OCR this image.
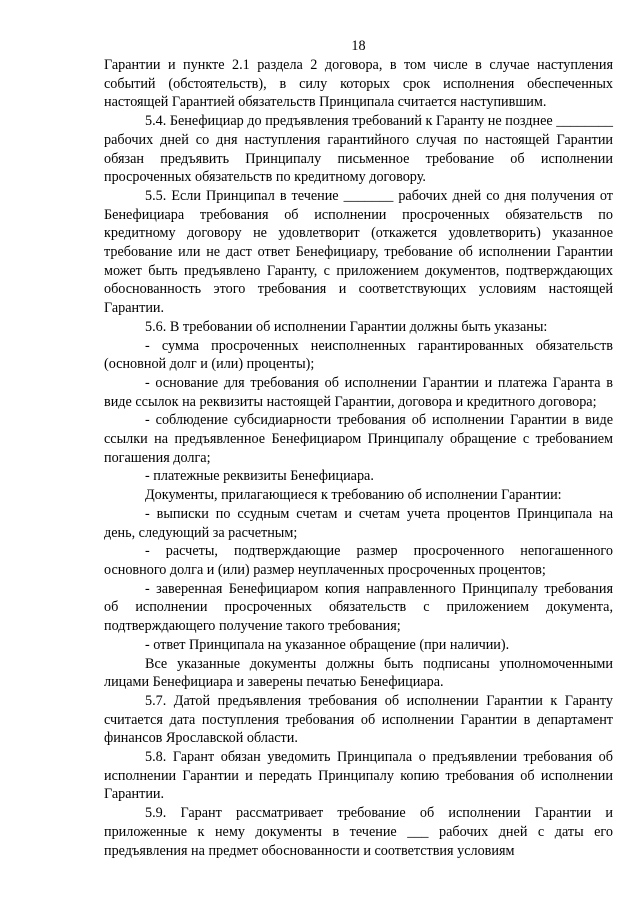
18

Гарантии и пункте 2.1 раздела 2 договора, в том числе в случае наступления событий (обстоятельств), в силу которых срок исполнения обеспеченных настоящей Гарантией обязательств Принципала считается наступившим.

5.4. Бенефициар до предъявления требований к Гаранту не позднее ________ рабочих дней со дня наступления гарантийного случая по настоящей Гарантии обязан предъявить Принципалу письменное требование об исполнении просроченных обязательств по кредитному договору.

5.5. Если Принципал в течение _______ рабочих дней со дня получения от Бенефициара требования об исполнении просроченных обязательств по кредитному договору не удовлетворит (откажется удовлетворить) указанное требование или не даст ответ Бенефициару, требование об исполнении Гарантии может быть предъявлено Гаранту, с приложением документов, подтверждающих обоснованность этого требования и соответствующих условиям настоящей Гарантии.

5.6. В требовании об исполнении Гарантии должны быть указаны:

- сумма просроченных неисполненных гарантированных обязательств (основной долг и (или) проценты);

- основание для требования об исполнении Гарантии и платежа Гаранта в виде ссылок на реквизиты настоящей Гарантии, договора и кредитного договора;

- соблюдение субсидиарности требования об исполнении Гарантии в виде ссылки на предъявленное Бенефициаром Принципалу обращение с требованием погашения долга;

- платежные реквизиты Бенефициара.

Документы, прилагающиеся к требованию об исполнении Гарантии:

- выписки по ссудным счетам и счетам учета процентов Принципала на день, следующий за расчетным;

- расчеты, подтверждающие размер просроченного непогашенного основного долга и (или) размер неуплаченных просроченных процентов;

- заверенная Бенефициаром копия направленного Принципалу требования об исполнении просроченных обязательств с приложением документа, подтверждающего получение такого требования;

- ответ Принципала на указанное обращение (при наличии).

Все указанные документы должны быть подписаны уполномоченными лицами Бенефициара и заверены печатью Бенефициара.

5.7. Датой предъявления требования об исполнении Гарантии к Гаранту считается дата поступления требования об исполнении Гарантии в департамент финансов Ярославской области.

5.8. Гарант обязан уведомить Принципала о предъявлении требования об исполнении Гарантии и передать Принципалу копию требования об исполнении Гарантии.

5.9. Гарант рассматривает требование об исполнении Гарантии и приложенные к нему документы в течение ___ рабочих дней с даты его предъявления на предмет обоснованности и соответствия условиям
